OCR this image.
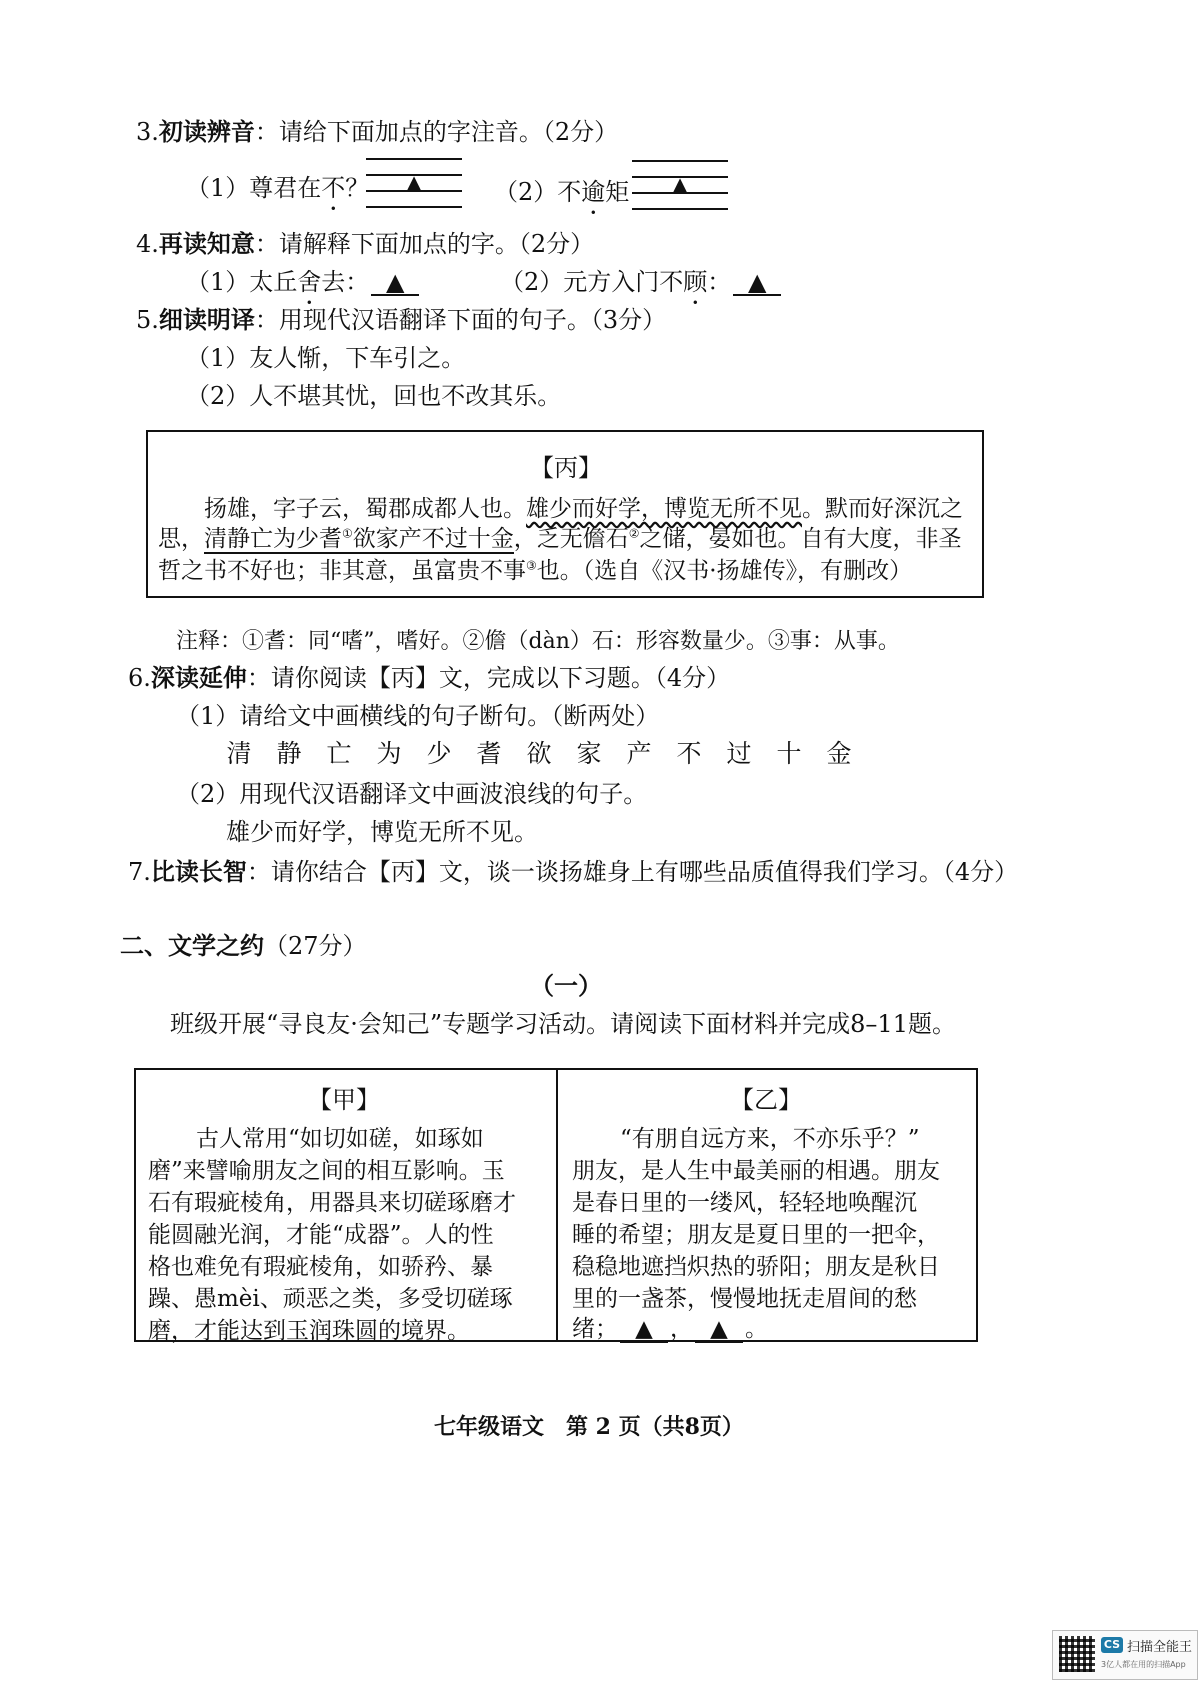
3.初读辨音：请给下面加点的字注音。（2分）
（1）尊君在不？	▲	（2）不逾矩	▲
4.再读知意：请解释下面加点的字。（2分）
（1）太丘舍去： ▲	（2）元方入门不顾： ▲
5.细读明译：用现代汉语翻译下面的句子。（3分）
（1）友人惭，下车引之。
（2）人不堪其忧，回也不改其乐。
【丙】
扬雄，字子云，蜀郡成都人也。雄少而好学，博览无所不见。默而好深沉之
思，清静亡为少耆①欲家产不过十金，乏无儋石②之储，晏如也。自有大度，非圣
哲之书不好也；非其意，虽富贵不事③也。（选自《汉书·扬雄传》，有删改）
注释：①耆：同“嗜”，嗜好。②儋（dàn）石：形容数量少。③事：从事。
6.深读延伸：请你阅读【丙】文，完成以下习题。（4分）
（1）请给文中画横线的句子断句。（断两处）
清 静 亡 为 少 耆 欲 家 产 不 过 十 金
（2）用现代汉语翻译文中画波浪线的句子。
雄少而好学，博览无所不见。
7.比读长智：请你结合【丙】文，谈一谈扬雄身上有哪些品质值得我们学习。（4分）
二、文学之约（27分）
（一）
班级开展“寻良友·会知己”专题学习活动。请阅读下面材料并完成8–11题。
【甲】
古人常用“如切如磋，如琢如
磨”来譬喻朋友之间的相互影响。玉
石有瑕疵棱角，用器具来切磋琢磨才
能圆融光润，才能“成器”。人的性
格也难免有瑕疵棱角，如骄矜、暴
躁、愚mèi、顽恶之类，多受切磋琢
磨，才能达到玉润珠圆的境界。
【乙】
“有朋自远方来，不亦乐乎？”
朋友，是人生中最美丽的相遇。朋友
是春日里的一缕风，轻轻地唤醒沉
睡的希望；朋友是夏日里的一把伞，
稳稳地遮挡炽热的骄阳；朋友是秋日
里的一盏茶，慢慢地抚走眉间的愁
绪； ▲ ， ▲ 。
七年级语文　第 2 页（共8页）
CS 扫描全能王
3亿人都在用的扫描App
